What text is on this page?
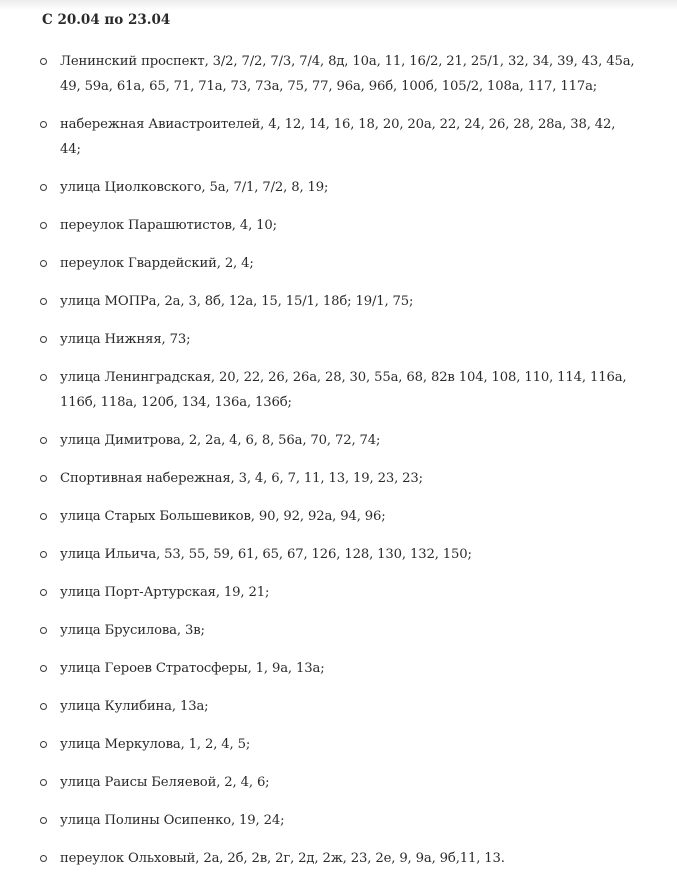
С 20.04 по 23.04
Ленинский проспект, 3/2, 7/2, 7/3, 7/4, 8д, 10а, 11, 16/2, 21, 25/1, 32, 34, 39, 43, 45а, 49, 59а, 61а, 65, 71, 71а, 73, 73а, 75, 77, 96а, 96б, 100б, 105/2, 108а, 117, 117а;
набережная Авиастроителей, 4, 12, 14, 16, 18, 20, 20а, 22, 24, 26, 28, 28а, 38, 42, 44;
улица Циолковского, 5а, 7/1, 7/2, 8, 19;
переулок Парашютистов, 4, 10;
переулок Гвардейский, 2, 4;
улица МОПРа, 2а, 3, 8б, 12а, 15, 15/1, 18б; 19/1, 75;
улица Нижняя, 73;
улица Ленинградская, 20, 22, 26, 26а, 28, 30, 55а, 68, 82в 104, 108, 110, 114, 116а, 116б, 118а, 120б, 134, 136а, 136б;
улица Димитрова, 2, 2а, 4, 6, 8, 56а, 70, 72, 74;
Спортивная набережная, 3, 4, 6, 7, 11, 13, 19, 23, 23;
улица Старых Большевиков, 90, 92, 92а, 94, 96;
улица Ильича, 53, 55, 59, 61, 65, 67, 126, 128, 130, 132, 150;
улица Порт-Артурская, 19, 21;
улица Брусилова, 3в;
улица Героев Стратосферы, 1, 9а, 13а;
улица Кулибина, 13а;
улица Меркулова, 1, 2, 4, 5;
улица Раисы Беляевой, 2, 4, 6;
улица Полины Осипенко, 19, 24;
переулок Ольховый, 2а, 2б, 2в, 2г, 2д, 2ж, 23, 2е, 9, 9а, 9б,11, 13.
